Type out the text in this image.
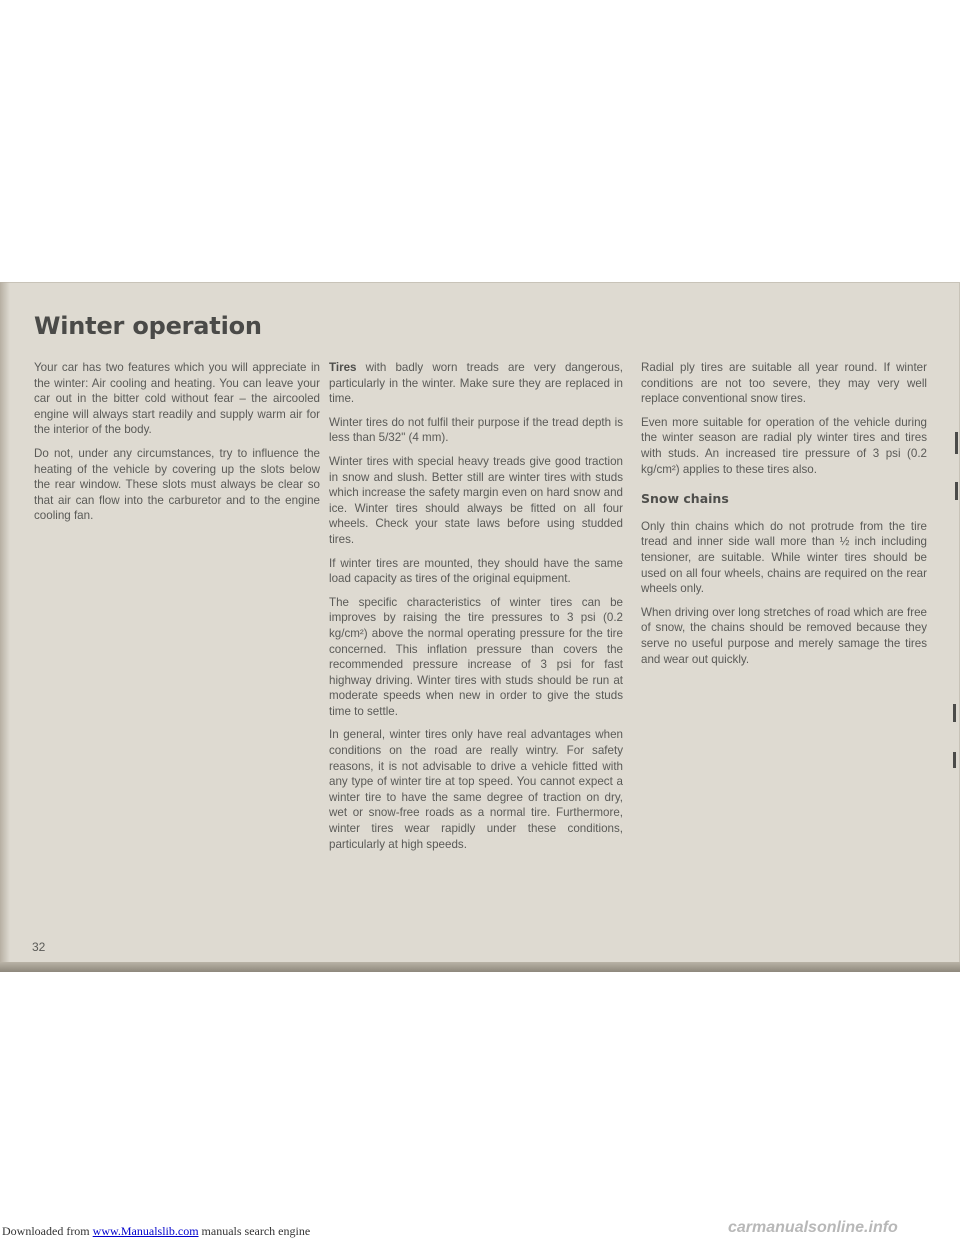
Winter operation

Your car has two features which you will appreciate in the winter: Air cooling and heating. You can leave your car out in the bitter cold without fear – the aircooled engine will always start readily and supply warm air for the interior of the body.

Do not, under any circumstances, try to influence the heating of the vehicle by covering up the slots below the rear window. These slots must always be clear so that air can flow into the carburetor and to the engine cooling fan.

Tires with badly worn treads are very dangerous, particularly in the winter. Make sure they are replaced in time.

Winter tires do not fulfil their purpose if the tread depth is less than 5/32" (4 mm).

Winter tires with special heavy treads give good traction in snow and slush. Better still are winter tires with studs which increase the safety margin even on hard snow and ice. Winter tires should always be fitted on all four wheels. Check your state laws before using studded tires.

If winter tires are mounted, they should have the same load capacity as tires of the original equipment.

The specific characteristics of winter tires can be improves by raising the tire pressures to 3 psi (0.2 kg/cm²) above the normal operating pressure for the tire concerned. This inflation pressure than covers the recommended pressure increase of 3 psi for fast highway driving. Winter tires with studs should be run at moderate speeds when new in order to give the studs time to settle.

In general, winter tires only have real advantages when conditions on the road are really wintry. For safety reasons, it is not advisable to drive a vehicle fitted with any type of winter tire at top speed. You cannot expect a winter tire to have the same degree of traction on dry, wet or snow-free roads as a normal tire. Furthermore, winter tires wear rapidly under these conditions, particularly at high speeds.

Radial ply tires are suitable all year round. If winter conditions are not too severe, they may very well replace conventional snow tires.

Even more suitable for operation of the vehicle during the winter season are radial ply winter tires and tires with studs. An increased tire pressure of 3 psi (0.2 kg/cm²) applies to these tires also.

Snow chains

Only thin chains which do not protrude from the tire tread and inner side wall more than ½ inch including tensioner, are suitable. While winter tires should be used on all four wheels, chains are required on the rear wheels only.

When driving over long stretches of road which are free of snow, the chains should be removed because they serve no useful purpose and merely samage the tires and wear out quickly.

32
Downloaded from www.Manualslib.com manuals search engine	carmanualsonline.info
